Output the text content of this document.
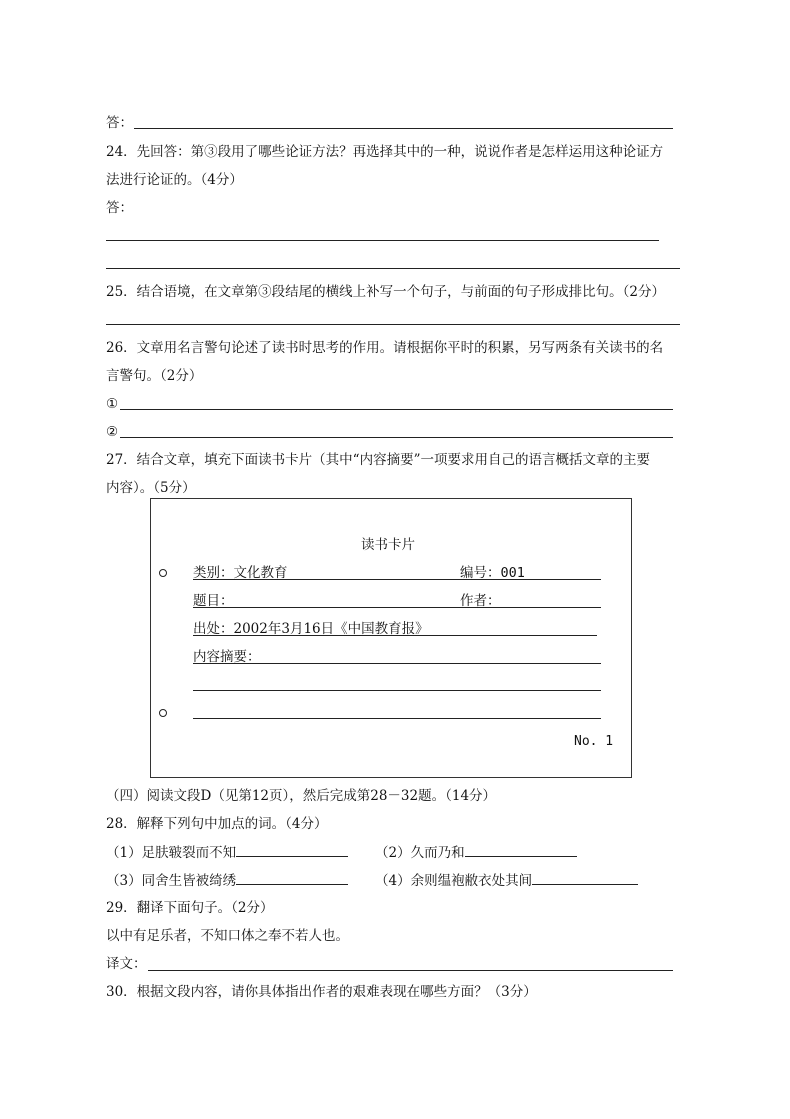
答：
24．先回答：第③段用了哪些论证方法？再选择其中的一种，说说作者是怎样运用这种论证方
法进行论证的。（4分）
答：
25．结合语境，在文章第③段结尾的横线上补写一个句子，与前面的句子形成排比句。（2分）
26．文章用名言警句论述了读书时思考的作用。请根据你平时的积累，另写两条有关读书的名
言警句。（2分）
①
②
27．结合文章，填充下面读书卡片（其中“内容摘要”一项要求用自己的语言概括文章的主要
内容）。（5分）
读书卡片
类别：文化教育	编号：001
题目：	作者：
出处：2002年3月16日《中国教育报》
内容摘要：
No. 1
（四）阅读文段D（见第12页），然后完成第28－32题。（14分）
28．解释下列句中加点的词。（4分）
（1）足肤皲裂而不知	（2）久而乃和
（3）同舍生皆被绮绣	（4）余则缊袍敝衣处其间
29．翻译下面句子。（2分）
以中有足乐者，不知口体之奉不若人也。
译文：
30．根据文段内容，请你具体指出作者的艰难表现在哪些方面？（3分）
